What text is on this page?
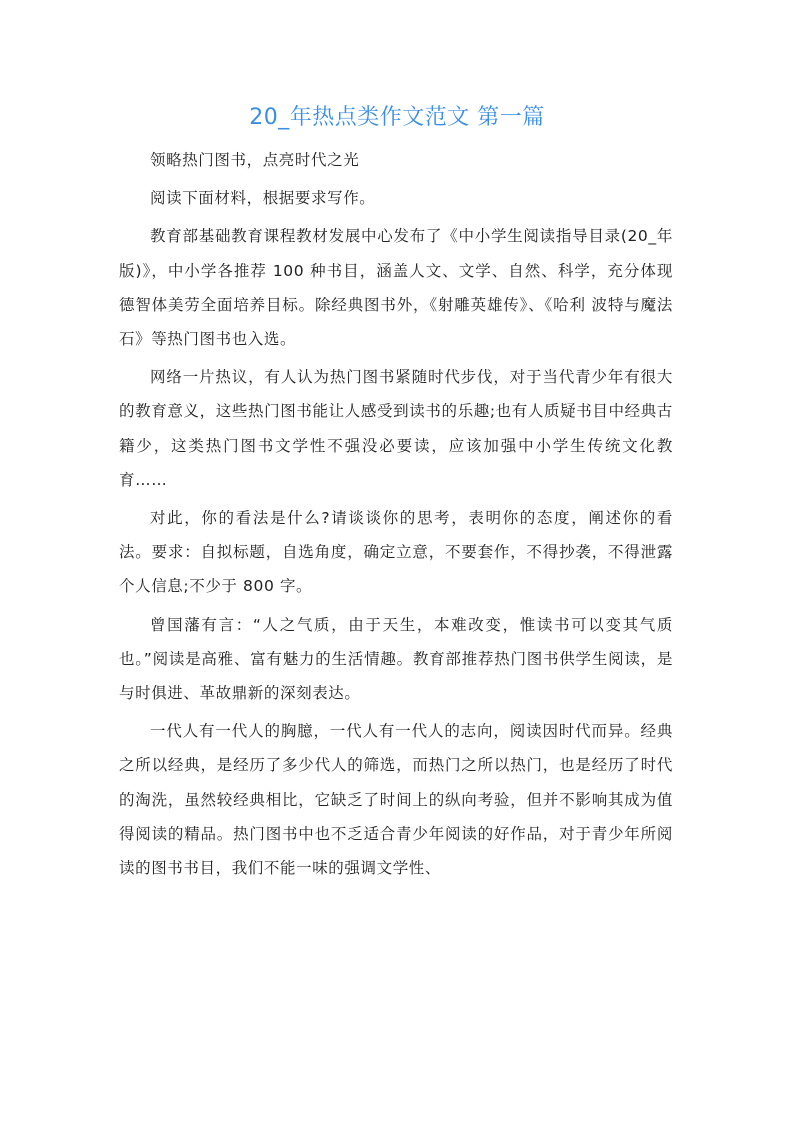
20_年热点类作文范文 第一篇

领略热门图书，点亮时代之光

阅读下面材料，根据要求写作。

教育部基础教育课程教材发展中心发布了《中小学生阅读指导目录(20_年版)》，中小学各推荐 100 种书目，涵盖人文、文学、自然、科学，充分体现德智体美劳全面培养目标。除经典图书外，《射雕英雄传》、《哈利 波特与魔法石》等热门图书也入选。

网络一片热议，有人认为热门图书紧随时代步伐，对于当代青少年有很大的教育意义，这些热门图书能让人感受到读书的乐趣;也有人质疑书目中经典古籍少，这类热门图书文学性不强没必要读，应该加强中小学生传统文化教育……

对此，你的看法是什么?请谈谈你的思考，表明你的态度，阐述你的看法。要求：自拟标题，自选角度，确定立意，不要套作，不得抄袭，不得泄露个人信息;不少于 800 字。

曾国藩有言：“人之气质，由于天生，本难改变，惟读书可以变其气质也。”阅读是高雅、富有魅力的生活情趣。教育部推荐热门图书供学生阅读，是与时俱进、革故鼎新的深刻表达。

一代人有一代人的胸臆，一代人有一代人的志向，阅读因时代而异。经典之所以经典，是经历了多少代人的筛选，而热门之所以热门，也是经历了时代的淘洗，虽然较经典相比，它缺乏了时间上的纵向考验，但并不影响其成为值得阅读的精品。热门图书中也不乏适合青少年阅读的好作品，对于青少年所阅读的图书书目，我们不能一味的强调文学性、
